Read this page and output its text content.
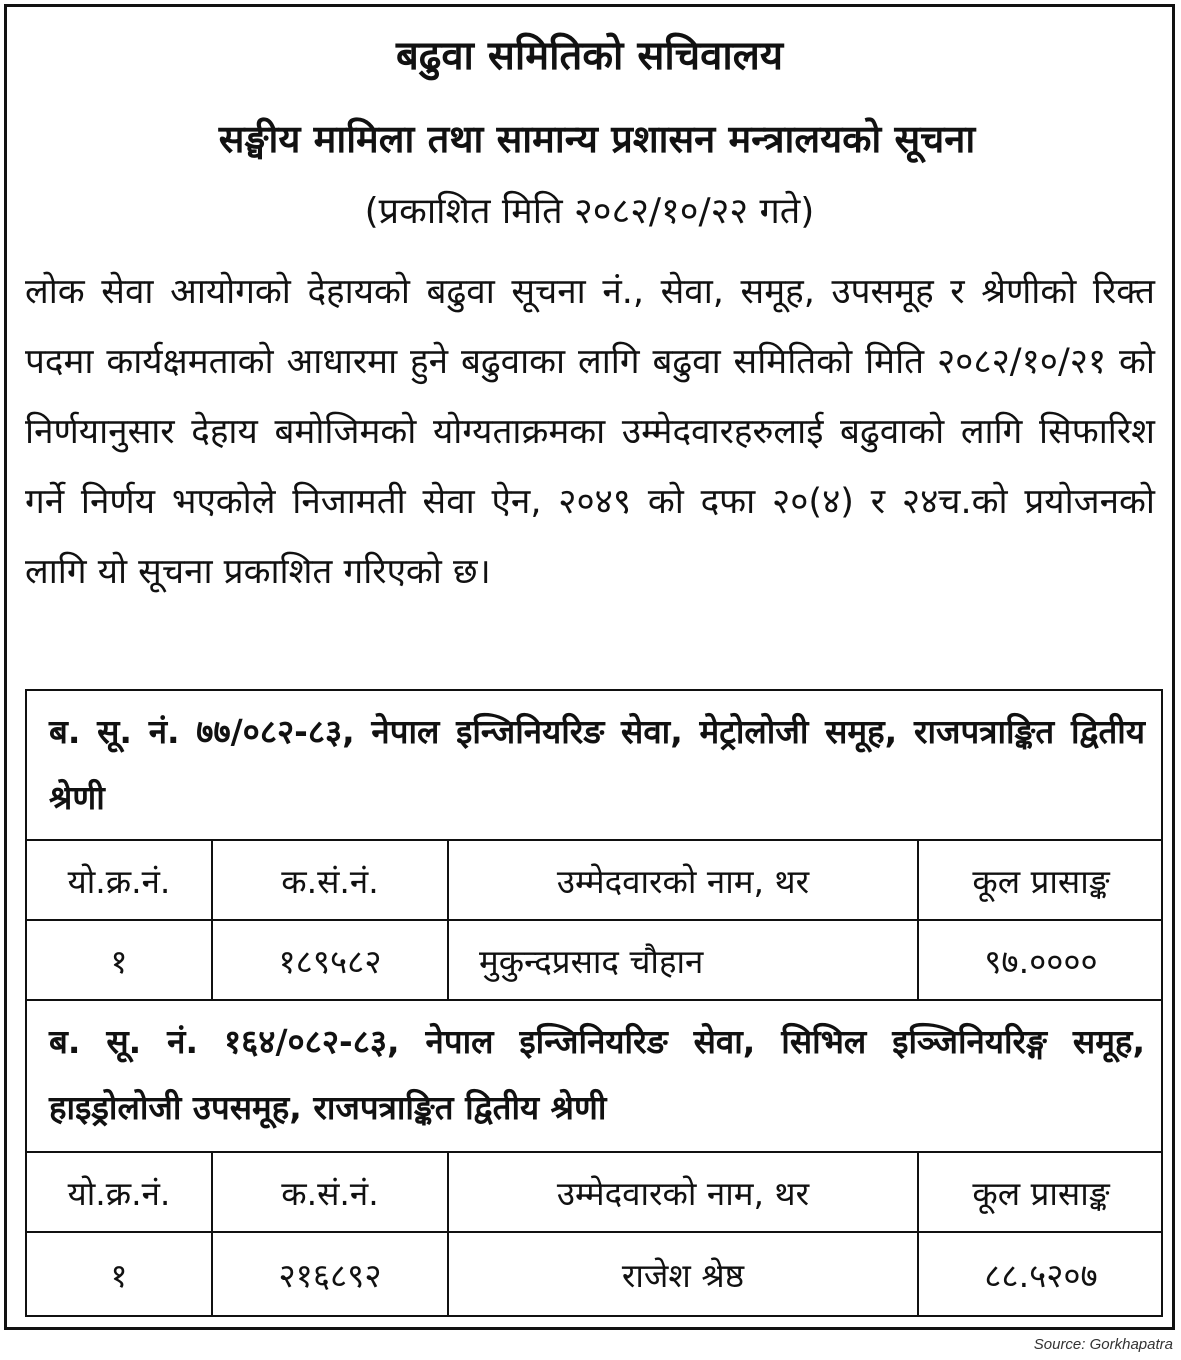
बढुवा समितिको सचिवालय
सङ्घीय मामिला तथा सामान्य प्रशासन मन्त्रालयको सूचना
(प्रकाशित मिति २०८२/१०/२२ गते)
लोक सेवा आयोगको देहायको बढुवा सूचना नं., सेवा, समूह, उपसमूह र श्रेणीको रिक्त पदमा कार्यक्षमताको आधारमा हुने बढुवाका लागि बढुवा समितिको मिति २०८२/१०/२१ को निर्णयानुसार देहाय बमोजिमको योग्यताक्रमका उम्मेदवारहरुलाई बढुवाको लागि सिफारिश गर्ने निर्णय भएकोले निजामती सेवा ऐन, २०४९ को दफा २०(४) र २४च.को प्रयोजनको लागि यो सूचना प्रकाशित गरिएको छ।
ब. सू. नं. ७७/०८२-८३, नेपाल इन्जिनियरिङ सेवा, मेट्रोलोजी समूह, राजपत्राङ्कित द्वितीय श्रेणी
यो.क्र.नं.	क.सं.नं.	उम्मेदवारको नाम, थर	कूल प्रासाङ्क
१	१८९५८२	मुकुन्दप्रसाद चौहान	९७.००००
ब. सू. नं. १६४/०८२-८३, नेपाल इन्जिनियरिङ सेवा, सिभिल इञ्जिनियरिङ्ग समूह, हाइड्रोलोजी उपसमूह, राजपत्राङ्कित द्वितीय श्रेणी
यो.क्र.नं.	क.सं.नं.	उम्मेदवारको नाम, थर	कूल प्रासाङ्क
१	२१६८९२	राजेश श्रेष्ठ	८८.५२०७
Source: Gorkhapatra
